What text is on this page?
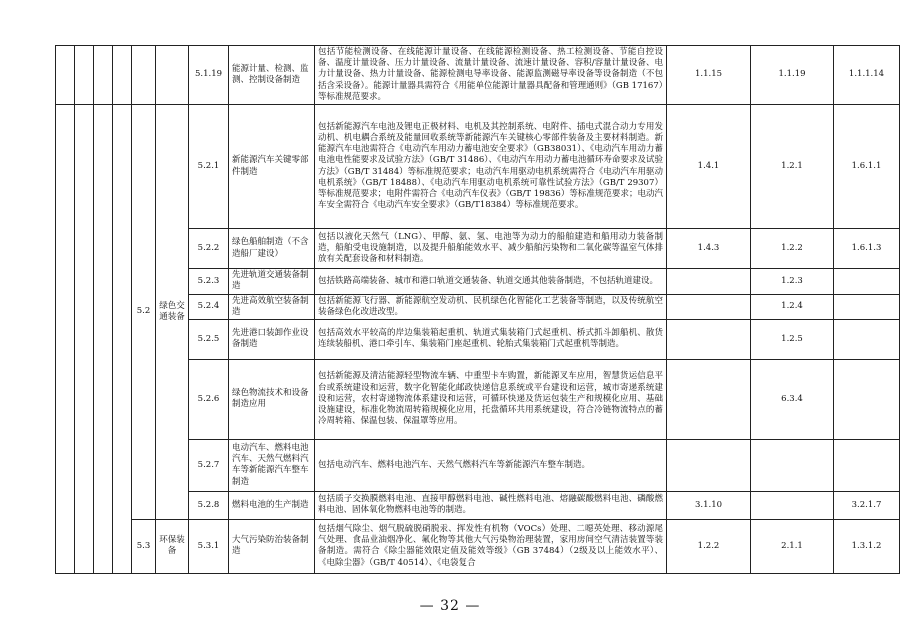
						5.1.19	能源计量、检测、监测、控制设备制造	包括节能检测设备、在线能源计量设备、在线能源检测设备、热工检测设备、节能自控设备、温度计量设备、压力计量设备、流量计量设备、流速计量设备、容积/容量计量设备、电力计量设备、热力计量设备、能源检测电导率设备、能源监测磁导率设备等设备制造（不包括含采设备）。能源计量器具需符合《用能单位能源计量器具配备和管理通则》（GB 17167）等标准规范要求。	1.1.15	1.1.19	1.1.1.14
				5.2	绿色交通装备	5.2.1	新能源汽车关键零部件制造	包括新能源汽车电池及锂电正极材料、电机及其控制系统、电附件、插电式混合动力专用发动机、机电耦合系统及能量回收系统等新能源汽车关键核心零部件装备及主要材料制造。新能源汽车电池需符合《电动汽车用动力蓄电池安全要求》（GB38031）、《电动汽车用动力蓄电池电性能要求及试验方法》（GB/T 31486）、《电动汽车用动力蓄电池循环寿命要求及试验方法》（GB/T 31484）等标准规范要求；电动汽车用驱动电机系统需符合《电动汽车用驱动电机系统》（GB/T 18488）、《电动汽车用驱动电机系统可靠性试验方法》（GB/T 29307）等标准规范要求；电附件需符合《电动汽车仪表》（GB/T 19836）等标准规范要求；电动汽车安全需符合《电动汽车安全要求》（GB/T18384）等标准规范要求。	1.4.1	1.2.1	1.6.1.1
						5.2.2	绿色船舶制造（不含造船厂建设）	包括以液化天然气（LNG）、甲醇、氨、氢、电池等为动力的船舶建造和船用动力装备制造，船舶受电设施制造，以及提升船舶能效水平、减少船舶污染物和二氧化碳等温室气体排放有关配套设备和材料制造。	1.4.3	1.2.2	1.6.1.3
						5.2.3	先进轨道交通装备制造	包括铁路高端装备、城市和港口轨道交通装备、轨道交通其他装备制造，不包括轨道建设。		1.2.3	
						5.2.4	先进高效航空装备制造	包括新能源飞行器、新能源航空发动机、民机绿色化智能化工艺装备等制造，以及传统航空装备绿色化改进改型。		1.2.4	
						5.2.5	先进港口装卸作业设备制造	包括高效水平较高的岸边集装箱起重机、轨道式集装箱门式起重机、桥式抓斗卸船机、散货连续装船机、港口牵引车、集装箱门座起重机、轮胎式集装箱门式起重机等制造。		1.2.5	
						5.2.6	绿色物流技术和设备制造应用	包括新能源及清洁能源轻型物流车辆、中重型卡车购置，新能源叉车应用，智慧货运信息平台或系统建设和运营，数字化智能化邮政快递信息系统或平台建设和运营，城市寄递系统建设和运营，农村寄递物流体系建设和运营，可循环快递及货运包装生产和规模化应用、基础设施建设，标准化物流周转箱规模化应用，托盘循环共用系统建设，符合冷链物流特点的蓄冷周转箱、保温包装、保温罩等应用。		6.3.4	
						5.2.7	电动汽车、燃料电池汽车、天然气燃料汽车等新能源汽车整车制造	包括电动汽车、燃料电池汽车、天然气燃料汽车等新能源汽车整车制造。			
						5.2.8	燃料电池的生产制造	包括质子交换膜燃料电池、直接甲醇燃料电池、碱性燃料电池、熔融碳酸燃料电池、磷酸燃料电池、固体氧化物燃料电池等的制造。	3.1.10		3.2.1.7
				5.3	环保装备	5.3.1	大气污染防治装备制造	包括烟气除尘、烟气脱硫脱硝脱汞、挥发性有机物（VOCs）处理、二噁英处理、移动源尾气处理、食品业油烟净化、氟化物等其他大气污染物治理装置，家用房间空气清洁装置等装备制造。需符合《除尘器能效限定值及能效等级》（GB 37484）（2级及以上能效水平）、《电除尘器》（GB/T 40514）、《电袋复合	1.2.2	2.1.1	1.3.1.2
— 32 —
